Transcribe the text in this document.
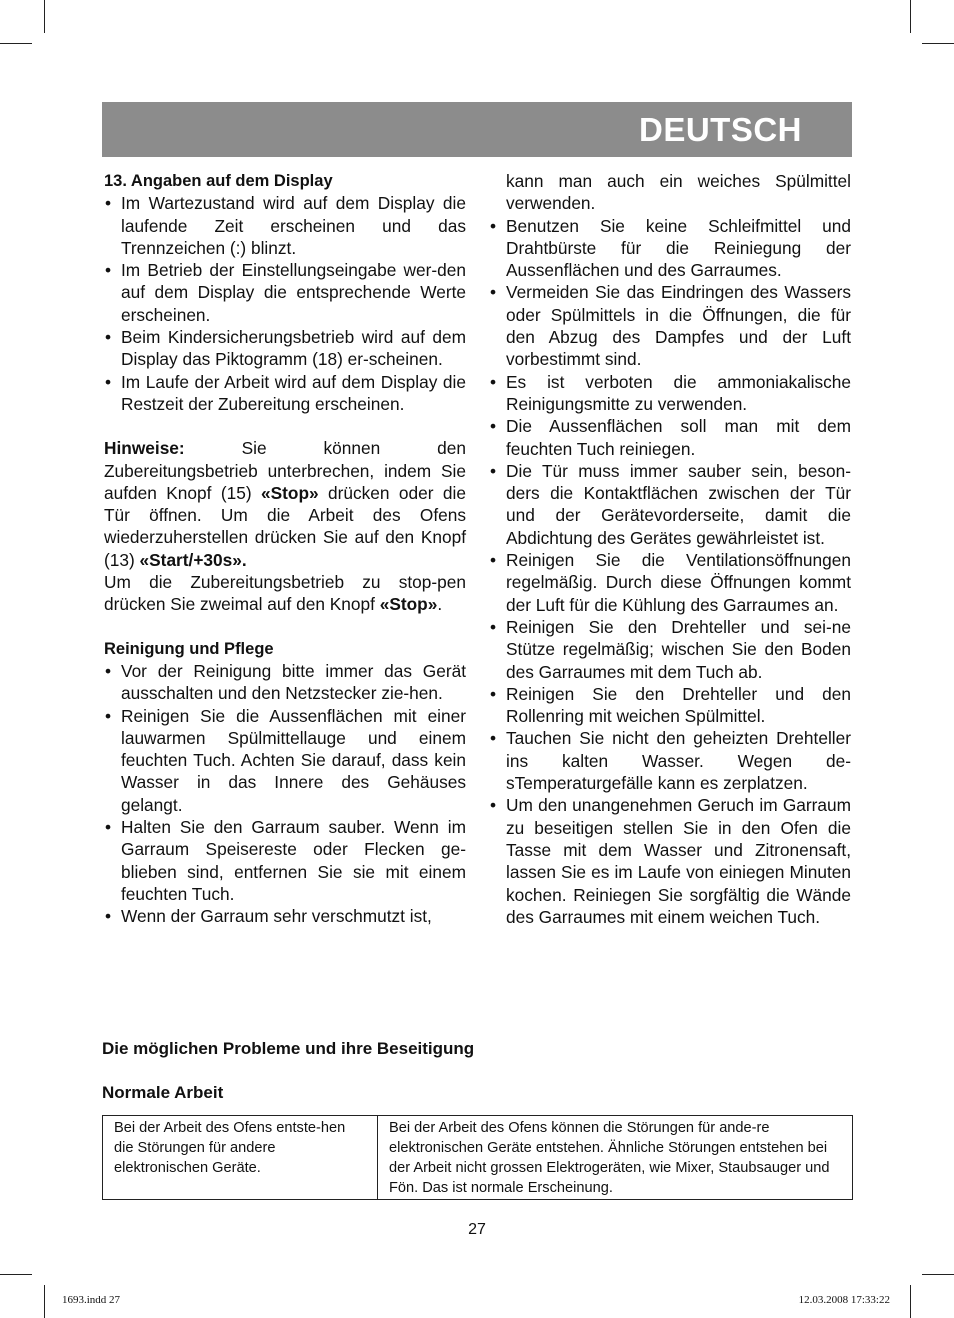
DEUTSCH
13. Angaben auf dem Display
• Im Wartezustand wird auf dem Display die laufende Zeit erscheinen und das Trennzeichen (:) blinzt.
• Im Betrieb der Einstellungseingabe wer-den auf dem Display die entsprechende Werte erscheinen.
• Beim Kindersicherungsbetrieb wird auf dem Display das Piktogramm (18) er-scheinen.
• Im Laufe der Arbeit wird auf dem Display die Restzeit der Zubereitung erscheinen.

Hinweise: Sie können den Zubereitungsbetrieb unterbrechen, indem Sie aufden Knopf (15) «Stop» drücken oder die Tür öffnen. Um die Arbeit des Ofens wiederzuherstellen drücken Sie auf den Knopf (13) «Start/+30s».

Um die Zubereitungsbetrieb zu stop-pen drücken Sie zweimal auf den Knopf «Stop».

Reinigung und Pflege
• Vor der Reinigung bitte immer das Gerät ausschalten und den Netzstecker zie-hen.
• Reinigen Sie die Aussenflächen mit einer lauwarmen Spülmittellauge und einem feuchten Tuch. Achten Sie darauf, dass kein Wasser in das Innere des Gehäuses gelangt.
• Halten Sie den Garraum sauber. Wenn im Garraum Speisereste oder Flecken ge-blieben sind, entfernen Sie sie mit einem feuchten Tuch.
• Wenn der Garraum sehr verschmutzt ist,

kann man auch ein weiches Spülmittel verwenden.

• Benutzen Sie keine Schleifmittel und Drahtbürste für die Reiniegung der Aussenflächen und des Garraumes.
• Vermeiden Sie das Eindringen des Wassers oder Spülmittels in die Öffnungen, die für den Abzug des Dampfes und der Luft vorbestimmt sind.
• Es ist verboten die ammoniakalische Reinigungsmitte zu verwenden.
• Die Aussenflächen soll man mit dem feuchten Tuch reiniegen.
• Die Tür muss immer sauber sein, beson-ders die Kontaktflächen zwischen der Tür und der Gerätevorderseite, damit die Abdichtung des Gerätes gewährleistet ist.
• Reinigen Sie die Ventilationsöffnungen regelmäßig. Durch diese Öffnungen kommt der Luft für die Kühlung des Garraumes an.
• Reinigen Sie den Drehteller und sei-ne Stütze regelmäßig; wischen Sie den Boden des Garraumes mit dem Tuch ab.
• Reinigen Sie den Drehteller und den Rollenring mit weichen Spülmittel.
• Tauchen Sie nicht den geheizten Drehteller ins kalten Wasser. Wegen de-sTemperaturgefälle kann es zerplatzen.
• Um den unangenehmen Geruch im Garraum zu beseitigen stellen Sie in den Ofen die Tasse mit dem Wasser und Zitronensaft, lassen Sie es im Laufe von einiegen Minuten kochen. Reiniegen Sie sorgfältig die Wände des Garraumes mit einem weichen Tuch.
Die möglichen Probleme und ihre Beseitigung
Normale Arbeit
Bei der Arbeit des Ofens entste-hen die Störungen für andere elektronischen Geräte.	Bei der Arbeit des Ofens können die Störungen für ande-re elektronischen Geräte entstehen. Ähnliche Störungen entstehen bei der Arbeit nicht grossen Elektrogeräten, wie Mixer, Staubsauger und Fön. Das ist normale Erscheinung.
27
1693.indd 27	12.03.2008 17:33:22
